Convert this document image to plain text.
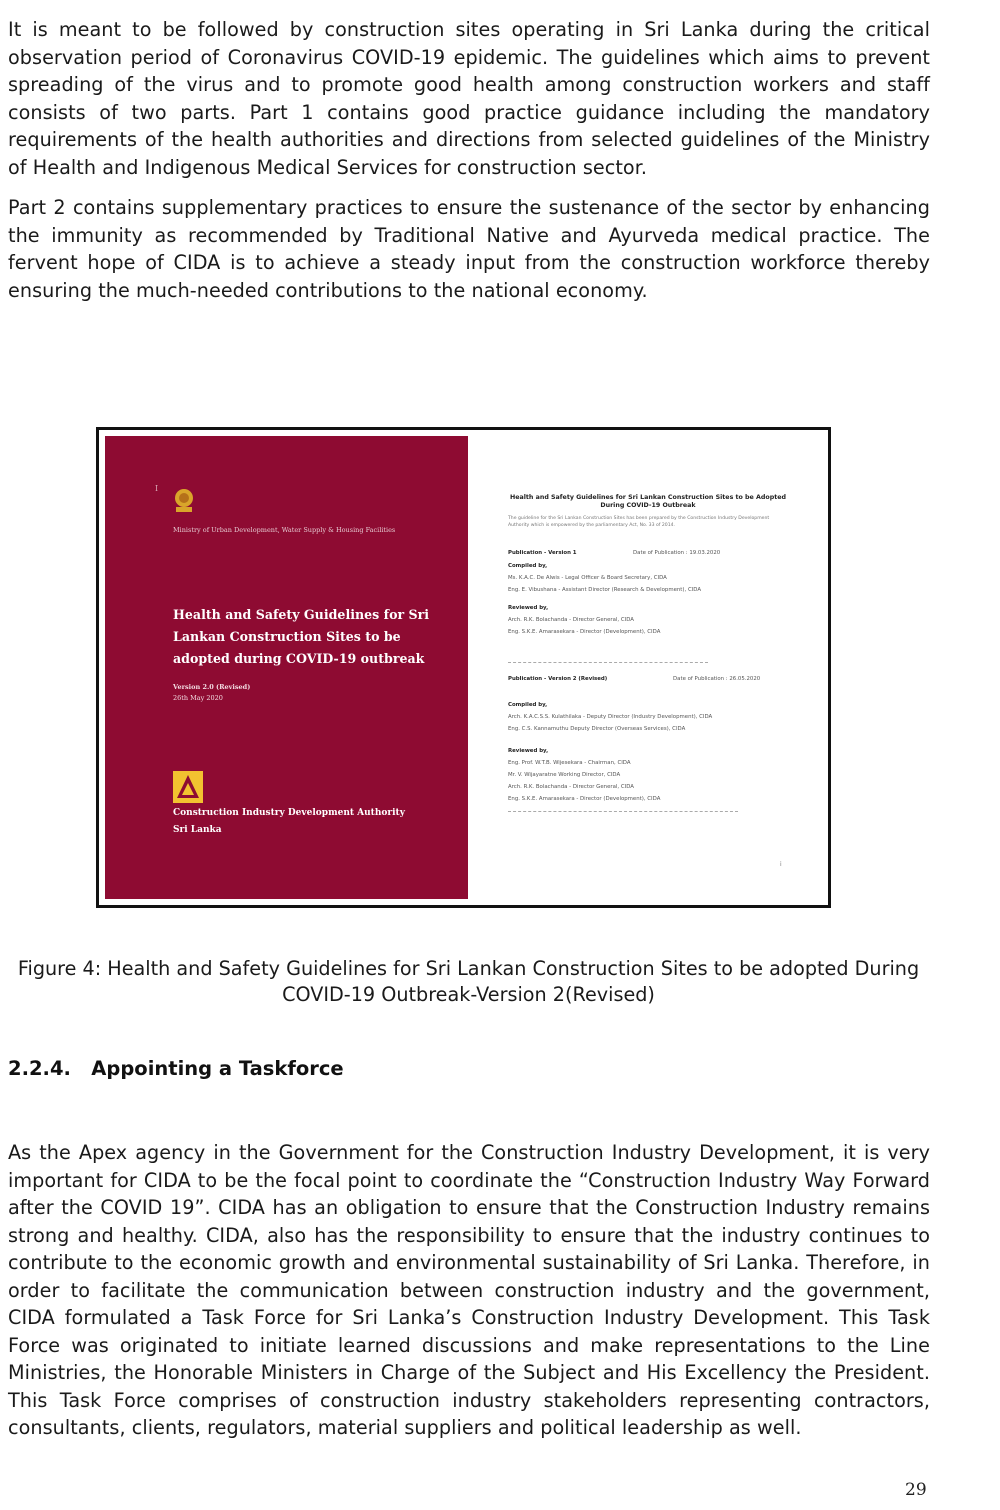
It is meant to be followed by construction sites operating in Sri Lanka during the critical observation period of Coronavirus COVID-19 epidemic. The guidelines which aims to prevent spreading of the virus and to promote good health among construction workers and staff consists of two parts. Part 1 contains good practice guidance including the mandatory requirements of the health authorities and directions from selected guidelines of the Ministry of Health and Indigenous Medical Services for construction sector.

Part 2 contains supplementary practices to ensure the sustenance of the sector by enhancing the immunity as recommended by Traditional Native and Ayurveda medical practice. The fervent hope of CIDA is to achieve a steady input from the construction workforce thereby ensuring the much-needed contributions to the national economy.

I
Ministry of Urban Development, Water Supply & Housing Facilities
Health and Safety Guidelines for Sri Lankan Construction Sites to be adopted during COVID-19 outbreak
Version 2.0 (Revised)
26th May 2020
Construction Industry Development Authority
Sri Lanka
Health and Safety Guidelines for Sri Lankan Construction Sites to be Adopted During COVID-19 Outbreak
The guideline for the Sri Lankan Construction Sites has been prepared by the Construction Industry Development Authority which is empowered by the parliamentary Act, No. 33 of 2014.
Publication - Version 1	Date of Publication : 19.03.2020
Compiled by,
Ms. K.A.C. De Alwis - Legal Officer & Board Secretary, CIDA
Eng. E. Vibushana - Assistant Director (Research & Development), CIDA
Reviewed by,
Arch. R.K. Bolachanda - Director General, CIDA
Eng. S.K.E. Amarasekara - Director (Development), CIDA
Publication - Version 2 (Revised)	Date of Publication : 26.05.2020
Compiled by,
Arch. K.A.C.S.S. Kulathilaka - Deputy Director (Industry Development), CIDA
Eng. C.S. Kannamuthu Deputy Director (Overseas Services), CIDA
Reviewed by,
Eng. Prof. W.T.B. Wijesekara - Chairman, CIDA
Mr. V. Wijayaratne Working Director, CIDA
Arch. R.K. Bolachanda - Director General, CIDA
Eng. S.K.E. Amarasekara - Director (Development), CIDA
i

Figure 4: Health and Safety Guidelines for Sri Lankan Construction Sites to be adopted During COVID-19 Outbreak-Version 2(Revised)

2.2.4.   Appointing a Taskforce

As the Apex agency in the Government for the Construction Industry Development, it is very important for CIDA to be the focal point to coordinate the “Construction Industry Way Forward after the COVID 19”. CIDA has an obligation to ensure that the Construction Industry remains strong and healthy. CIDA, also has the responsibility to ensure that the industry continues to contribute to the economic growth and environmental sustainability of Sri Lanka. Therefore, in order to facilitate the communication between construction industry and the government, CIDA formulated a Task Force for Sri Lanka’s Construction Industry Development. This Task Force was originated to initiate learned discussions and make representations to the Line Ministries, the Honorable Ministers in Charge of the Subject and His Excellency the President. This Task Force comprises of construction industry stakeholders representing contractors, consultants, clients, regulators, material suppliers and political leadership as well.

29
